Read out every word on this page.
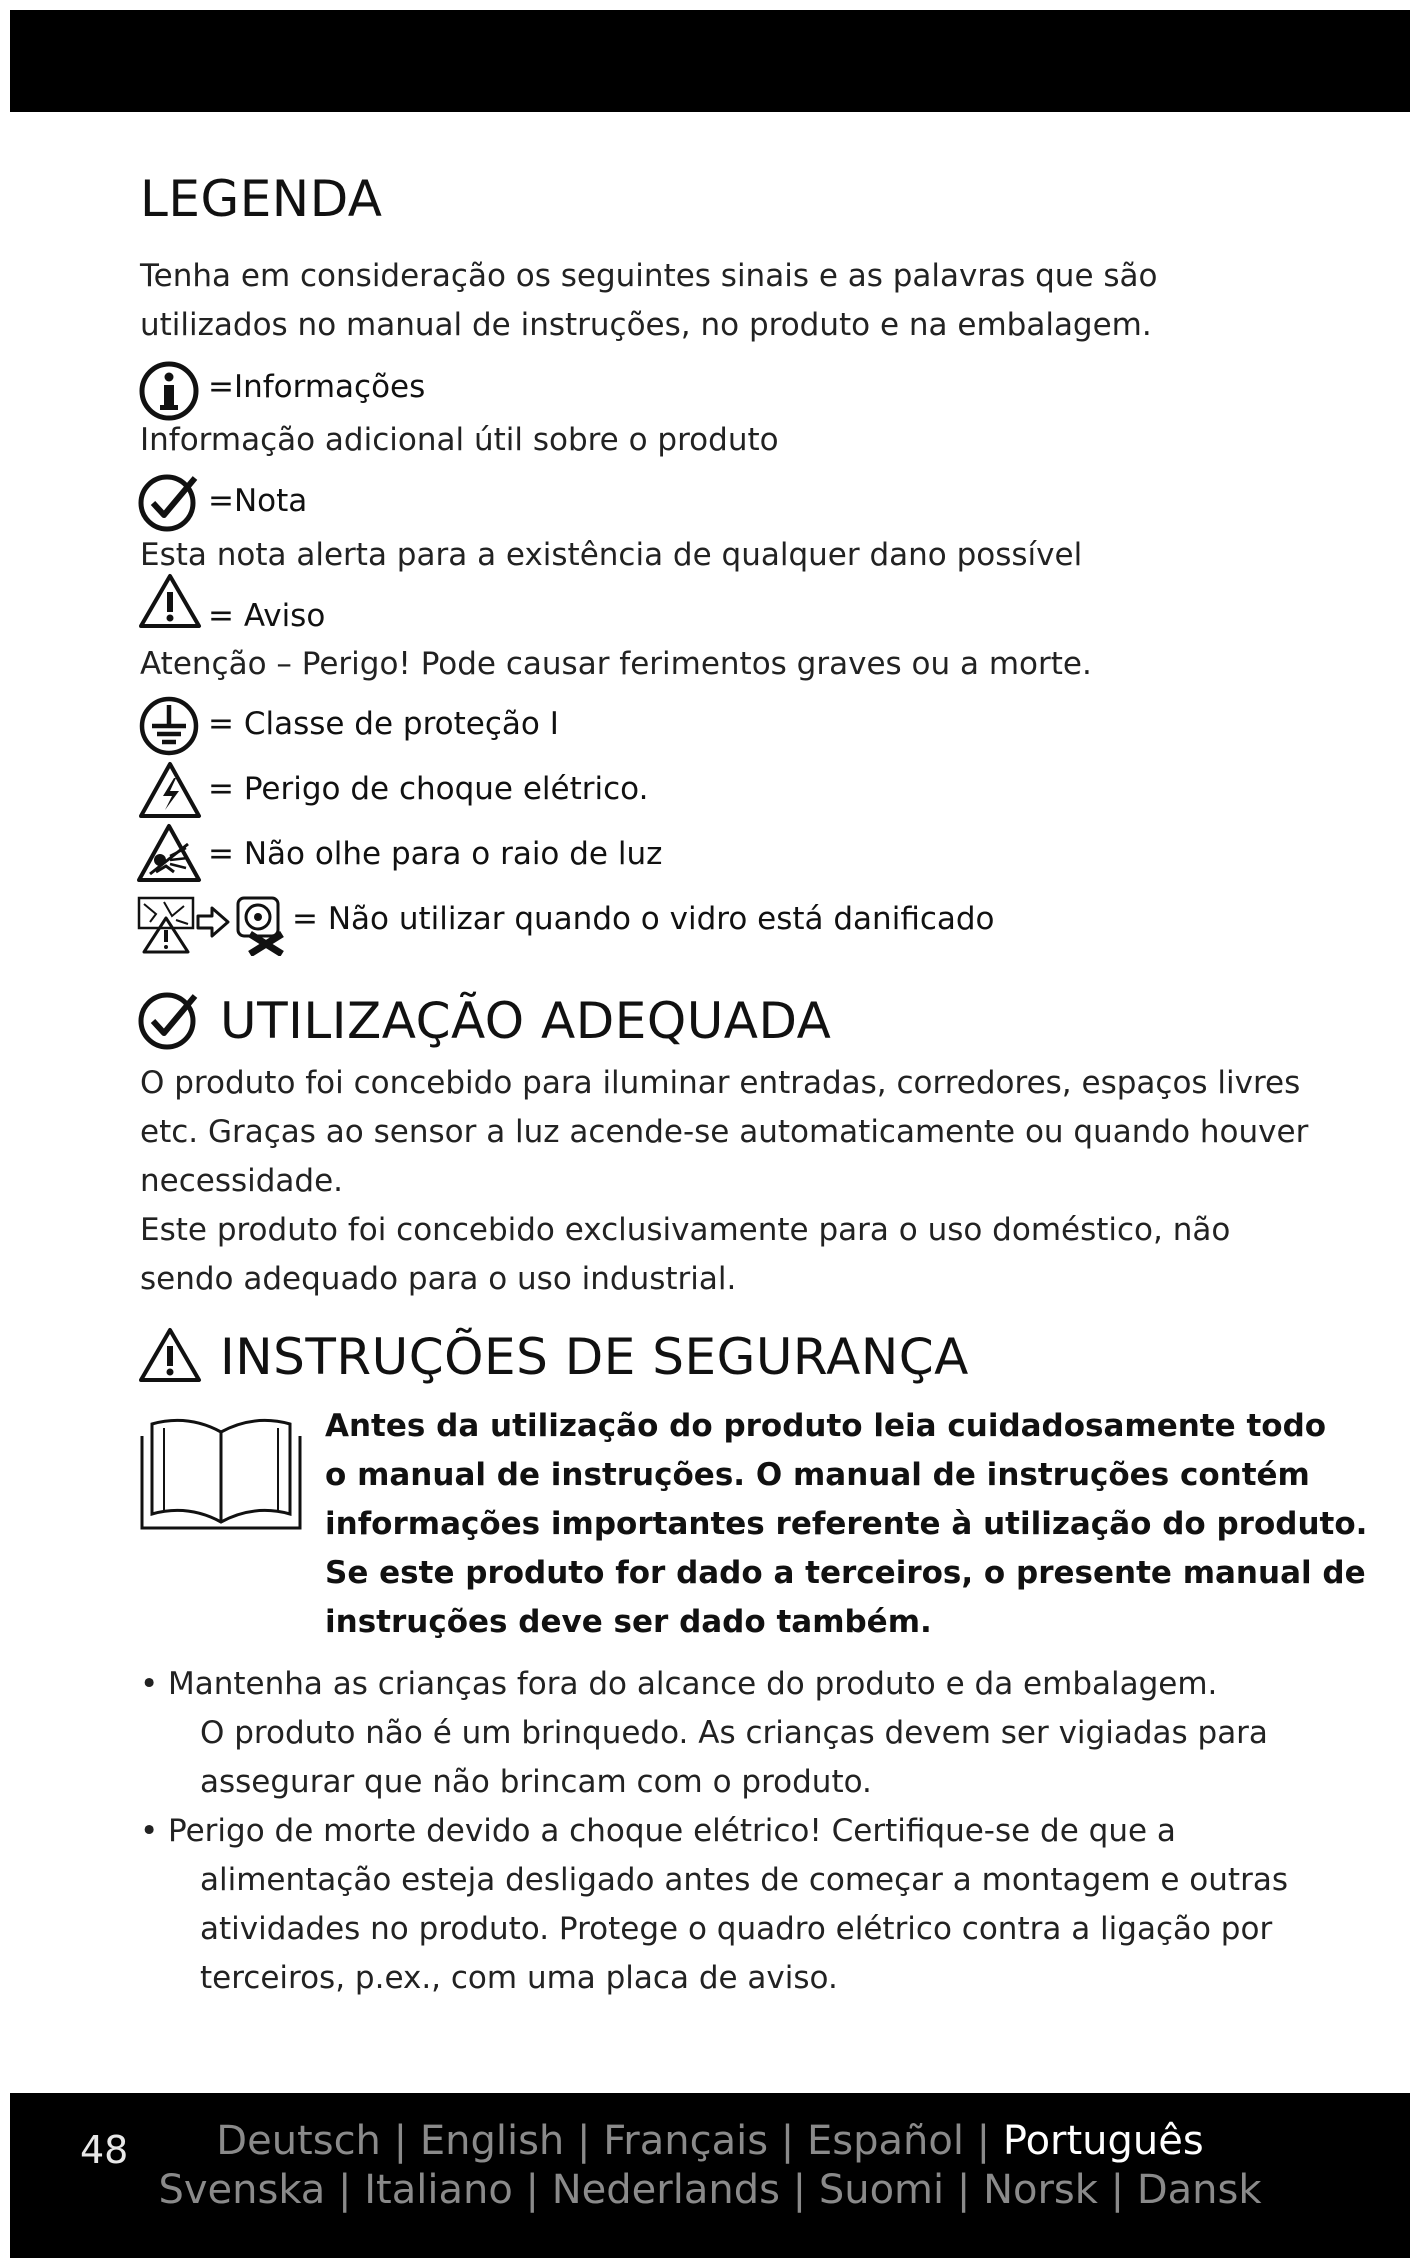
LEGENDA
Tenha em consideração os seguintes sinais e as palavras que são
utilizados no manual de instruções, no produto e na embalagem.
=Informações
Informação adicional útil sobre o produto
=Nota
Esta nota alerta para a existência de qualquer dano possível
= Aviso
Atenção – Perigo! Pode causar ferimentos graves ou a morte.
= Classe de proteção I
= Perigo de choque elétrico.
= Não olhe para o raio de luz
= Não utilizar quando o vidro está danificado
UTILIZAÇÃO ADEQUADA
O produto foi concebido para iluminar entradas, corredores, espaços livres
etc. Graças ao sensor a luz acende-se automaticamente ou quando houver
necessidade.
Este produto foi concebido exclusivamente para o uso doméstico, não
sendo adequado para o uso industrial.
INSTRUÇÕES DE SEGURANÇA
Antes da utilização do produto leia cuidadosamente todo
o manual de instruções. O manual de instruções contém
informações importantes referente à utilização do produto.
Se este produto for dado a terceiros, o presente manual de
instruções deve ser dado também.
• Mantenha as crianças fora do alcance do produto e da embalagem.
O produto não é um brinquedo. As crianças devem ser vigiadas para
assegurar que não brincam com o produto.
• Perigo de morte devido a choque elétrico! Certifique-se de que a
alimentação esteja desligado antes de começar a montagem e outras
atividades no produto. Protege o quadro elétrico contra a ligação por
terceiros, p.ex., com uma placa de aviso.
48	Deutsch | English | Français | Español | Português
Svenska | Italiano | Nederlands | Suomi | Norsk | Dansk
